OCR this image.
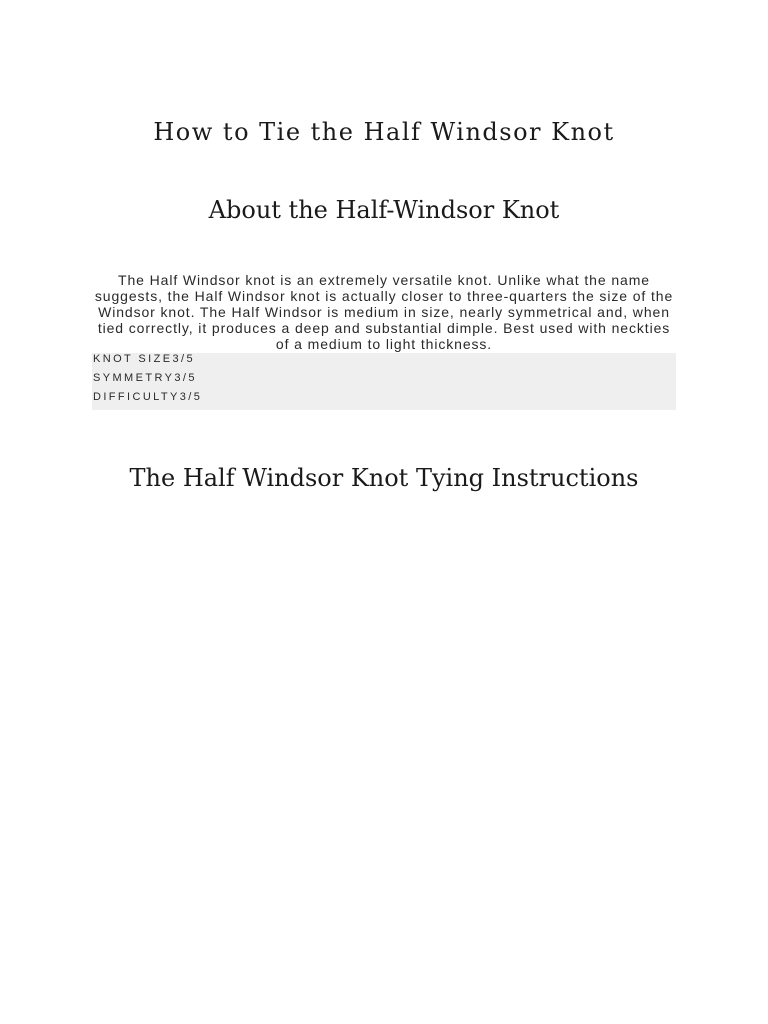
How to Tie the Half Windsor Knot
About the Half-Windsor Knot

The Half Windsor knot is an extremely versatile knot. Unlike what the name suggests, the Half Windsor knot is actually closer to three-quarters the size of the Windsor knot. The Half Windsor is medium in size, nearly symmetrical and, when tied correctly, it produces a deep and substantial dimple. Best used with neckties of a medium to light thickness.

KNOT SIZE3/5
SYMMETRY3/5
DIFFICULTY3/5
The Half Windsor Knot Tying Instructions
